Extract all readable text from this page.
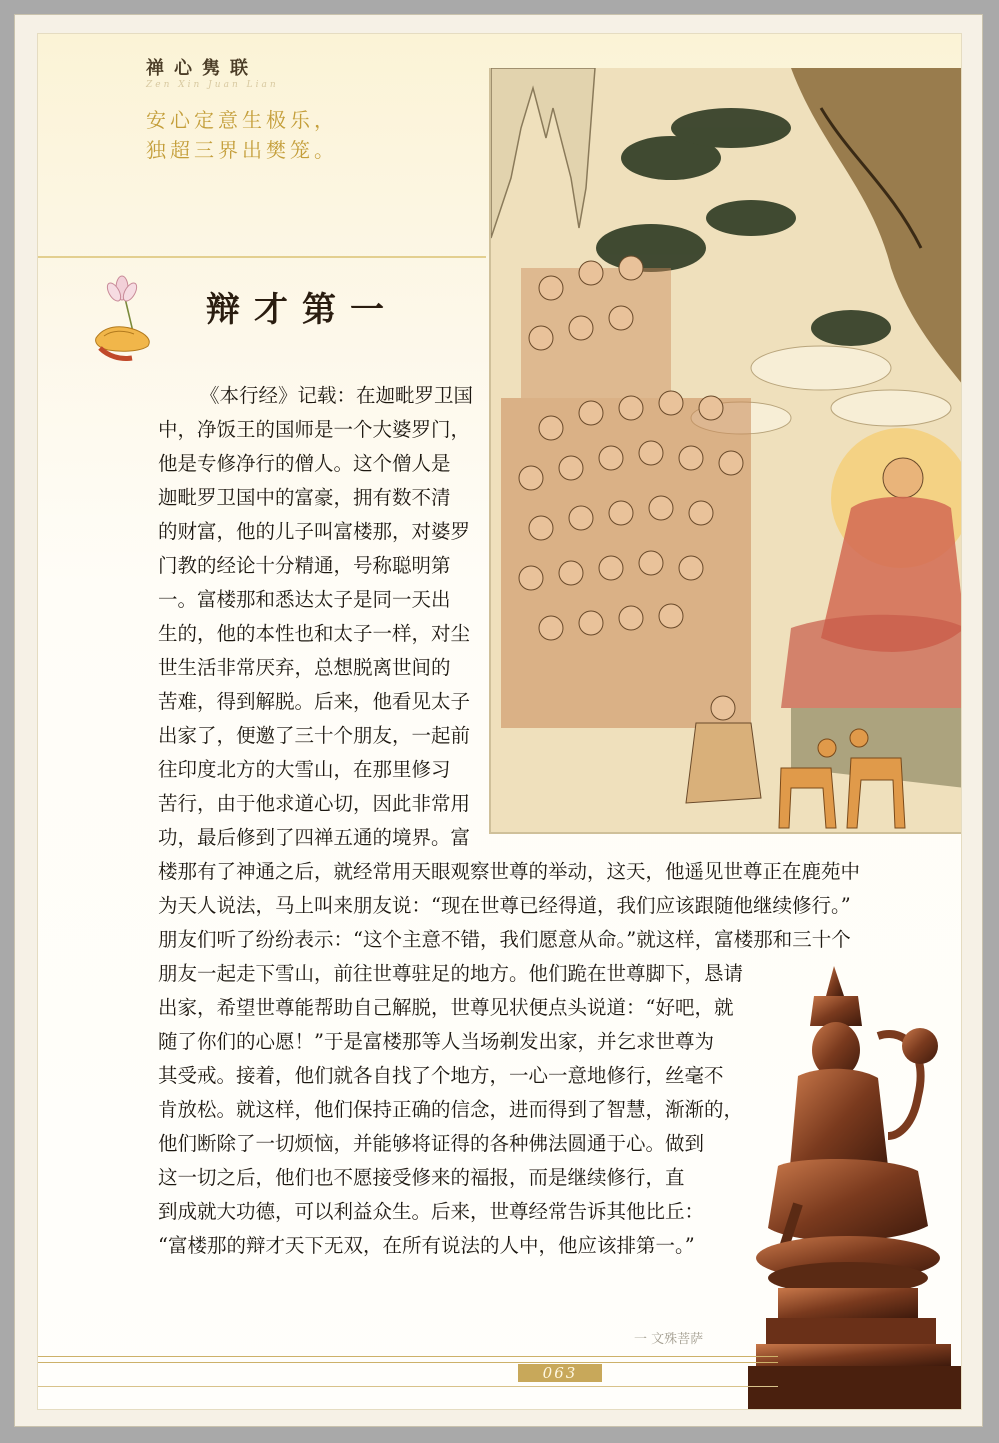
禅心隽联
Zen Xin Juan Lian
安心定意生极乐，
独超三界出樊笼。
辩才第一
《本行经》记载：在迦毗罗卫国
中，净饭王的国师是一个大婆罗门，
他是专修净行的僧人。这个僧人是
迦毗罗卫国中的富豪，拥有数不清
的财富，他的儿子叫富楼那，对婆罗
门教的经论十分精通，号称聪明第
一。富楼那和悉达太子是同一天出
生的，他的本性也和太子一样，对尘
世生活非常厌弃，总想脱离世间的
苦难，得到解脱。后来，他看见太子
出家了，便邀了三十个朋友，一起前
往印度北方的大雪山，在那里修习
苦行，由于他求道心切，因此非常用
功，最后修到了四禅五通的境界。富
楼那有了神通之后，就经常用天眼观察世尊的举动，这天，他遥见世尊正在鹿苑中
为天人说法，马上叫来朋友说：“现在世尊已经得道，我们应该跟随他继续修行。”
朋友们听了纷纷表示：“这个主意不错，我们愿意从命。”就这样，富楼那和三十个
朋友一起走下雪山，前往世尊驻足的地方。他们跪在世尊脚下，恳请
出家，希望世尊能帮助自己解脱，世尊见状便点头说道：“好吧，就
随了你们的心愿！”于是富楼那等人当场剃发出家，并乞求世尊为
其受戒。接着，他们就各自找了个地方，一心一意地修行，丝毫不
肯放松。就这样，他们保持正确的信念，进而得到了智慧，渐渐的，
他们断除了一切烦恼，并能够将证得的各种佛法圆通于心。做到
这一切之后，他们也不愿接受修来的福报，而是继续修行，直
到成就大功德，可以利益众生。后来，世尊经常告诉其他比丘：
“富楼那的辩才天下无双，在所有说法的人中，他应该排第一。”
一 文殊菩萨
063
